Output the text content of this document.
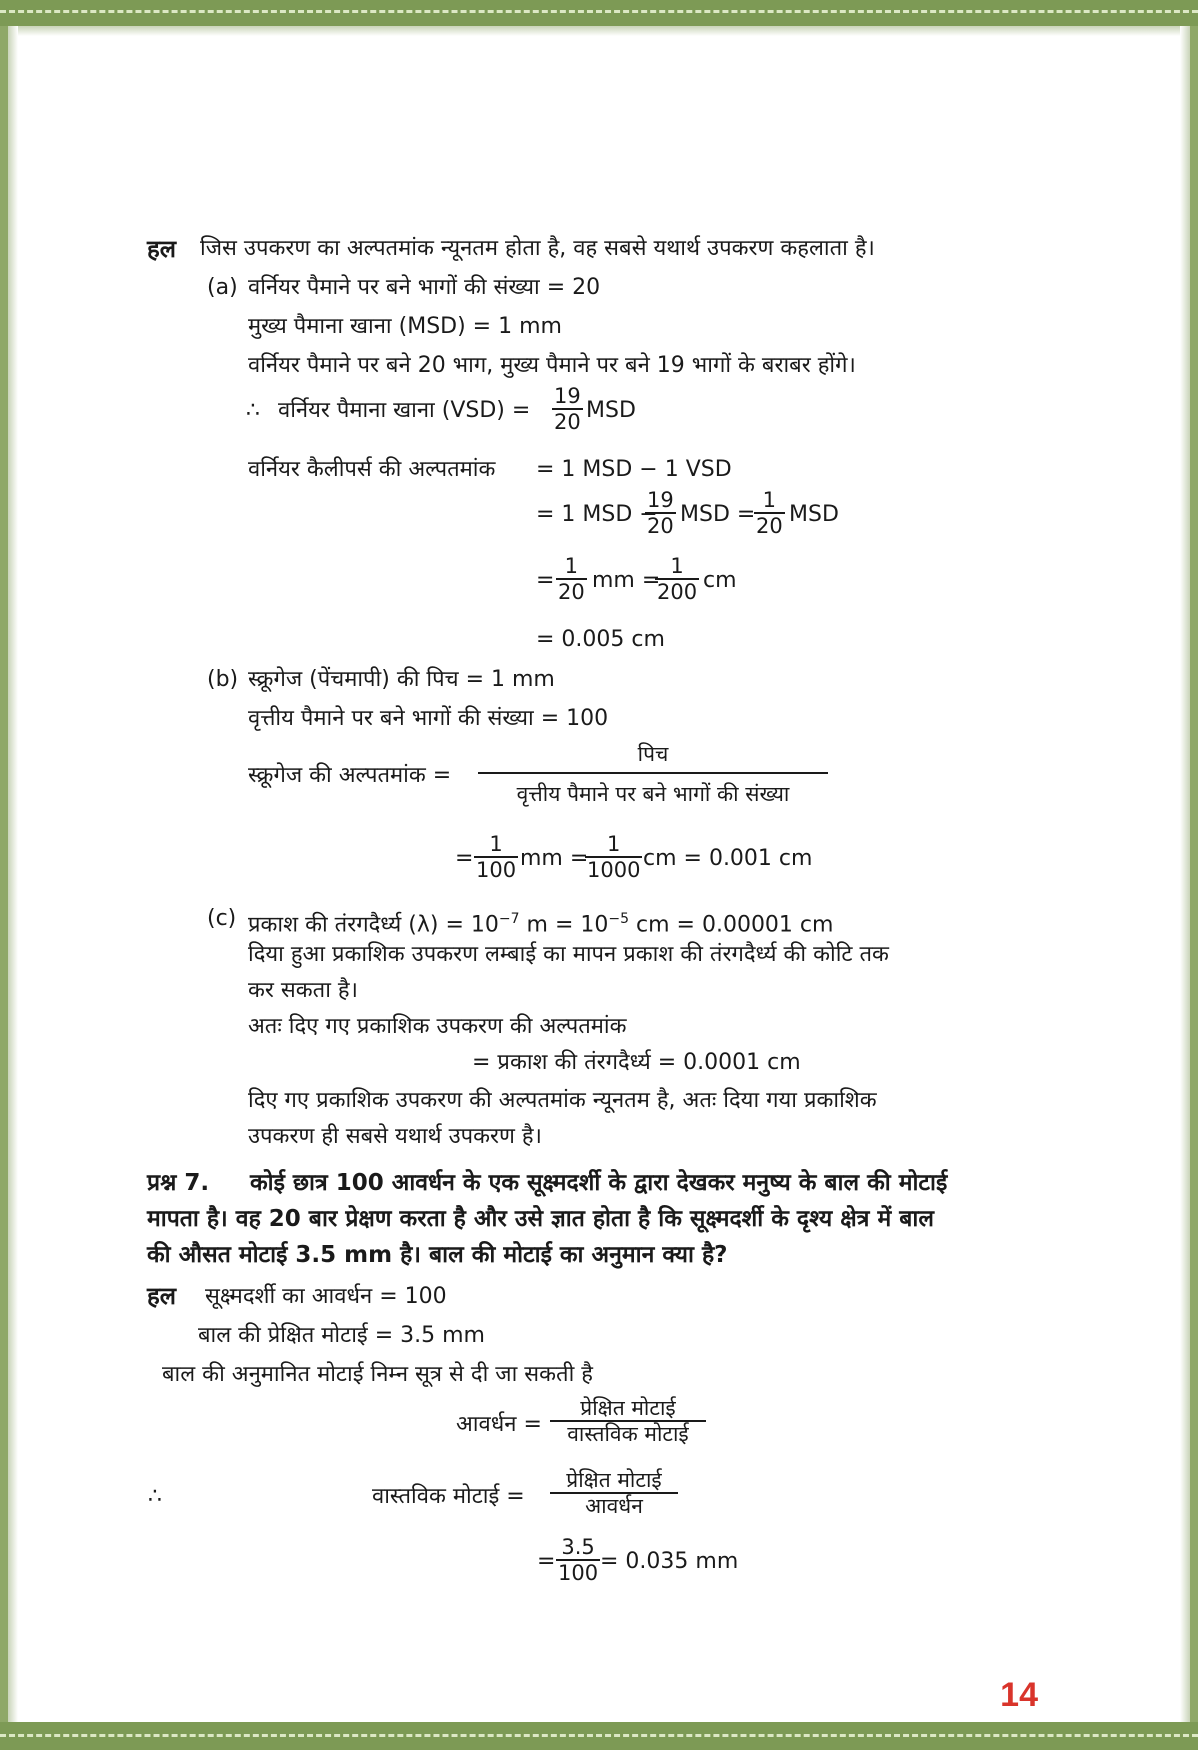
हल जिस उपकरण का अल्पतमांक न्यूनतम होता है, वह सबसे यथार्थ उपकरण कहलाता है।
(a) वर्नियर पैमाने पर बने भागों की संख्या = 20
मुख्य पैमाना खाना (MSD) = 1 mm
वर्नियर पैमाने पर बने 20 भाग, मुख्य पैमाने पर बने 19 भागों के बराबर होंगे।
∴ वर्नियर पैमाना खाना $(VSD) = \frac{19}{20}$ MSD
वर्नियर कैलीपर्स की अल्पतमांक = 1 MSD − 1 VSD
= 1 MSD −
$\frac{19}{20}$ MSD =
$\frac{1}{20}$ MSD
= $\frac{1}{20}$ mm =
$\frac{1}{200}$ cm
= 0.005 cm
(b) स्क्रूगेज (पेंचमापी) की पिच = 1 mm
वृत्तीय पैमाने पर बने भागों की संख्या = 100
स्क्रूगेज की अल्पतमांक =
पिच
वृत्तीय पैमाने पर बने भागों की संख्या
= $\frac{1}{100}$ mm =
$\frac{1}{1000}$ cm = 0.001 cm
(c) प्रकाश की तंरगदैर्ध्य $(\lambda) = 10^{-7}$ $m = 10^{-5}$ cm = 0.00001 cm
दिया हुआ प्रकाशिक उपकरण लम्बाई का मापन प्रकाश की तंरगदैर्ध्य की कोटि तक
कर सकता है।
अतः दिए गए प्रकाशिक उपकरण की अल्पतमांक
= प्रकाश की तंरगदैर्ध्य = 0.0001 cm
दिए गए प्रकाशिक उपकरण की अल्पतमांक न्यूनतम है, अतः दिया गया प्रकाशिक
उपकरण ही सबसे यथार्थ उपकरण है।
प्रश्न 7. कोई छात्र 100 आवर्धन के एक सूक्ष्मदर्शी के द्वारा देखकर मनुष्य के बाल की मोटाई
मापता है। वह 20 बार प्रेक्षण करता है और उसे ज्ञात होता है कि सूक्ष्मदर्शी के दृश्य क्षेत्र में बाल
की औसत मोटाई 3.5 mm है। बाल की मोटाई का अनुमान क्या है?
हल सूक्ष्मदर्शी का आवर्धन = 100
बाल की प्रेक्षित मोटाई = 3.5 mm
बाल की अनुमानित मोटाई निम्न सूत्र से दी जा सकती है
आवर्धन =
प्रेक्षित मोटाई
वास्तविक मोटाई
∴	वास्तविक मोटाई =
प्रेक्षित मोटाई
आवर्धन
= $\frac{3.5}{100} = 0.035$ mm
14
